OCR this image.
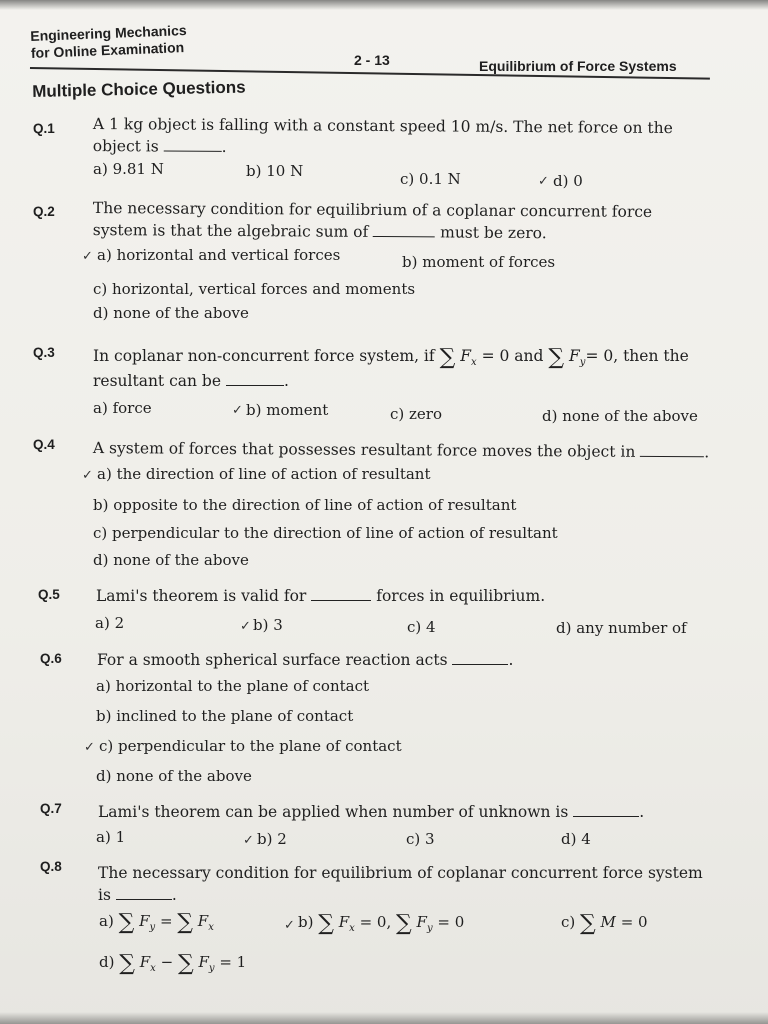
Engineering Mechanics
for Online Examination	2 - 13	Equilibrium of Force Systems
Multiple Choice Questions
Q.1 A 1 kg object is falling with a constant speed 10 m/s. The net force on the
object is	.
a) 9.81 N	b) 10 N	c) 0.1 N	✓ d) 0
Q.2 The necessary condition for equilibrium of a coplanar concurrent force
system is that the algebraic sum of	must be zero.
✓ a) horizontal and vertical forces	b) moment of forces
c) horizontal, vertical forces and moments
d) none of the above
Q.3 In coplanar non-concurrent force system, if ∑ $F_x = 0$ and ∑ $F_y= 0$, then the
resultant can be	.
a) force	✓ b) moment	c) zero	d) none of the above
Q.4 A system of forces that possesses resultant force moves the object in	.
✓ a) the direction of line of action of resultant
b) opposite to the direction of line of action of resultant
c) perpendicular to the direction of line of action of resultant
d) none of the above
Q.5 Lami's theorem is valid for	forces in equilibrium.
a) 2	✓ b) 3	c) 4	d) any number of
Q.6 For a smooth spherical surface reaction acts	.
a) horizontal to the plane of contact
b) inclined to the plane of contact
✓ c) perpendicular to the plane of contact
d) none of the above
Q.7 Lami's theorem can be applied when number of unknown is	.
a) 1	✓ b) 2	c) 3	d) 4
Q.8 The necessary condition for equilibrium of coplanar concurrent force system
is	.
a) ∑ $F_y$ = ∑ $F_x$	✓ b) ∑ $F_x = 0$, ∑ $F_y = 0$	c) ∑ M = 0
d) ∑ $F_x$ − ∑ $F_y = 1$
